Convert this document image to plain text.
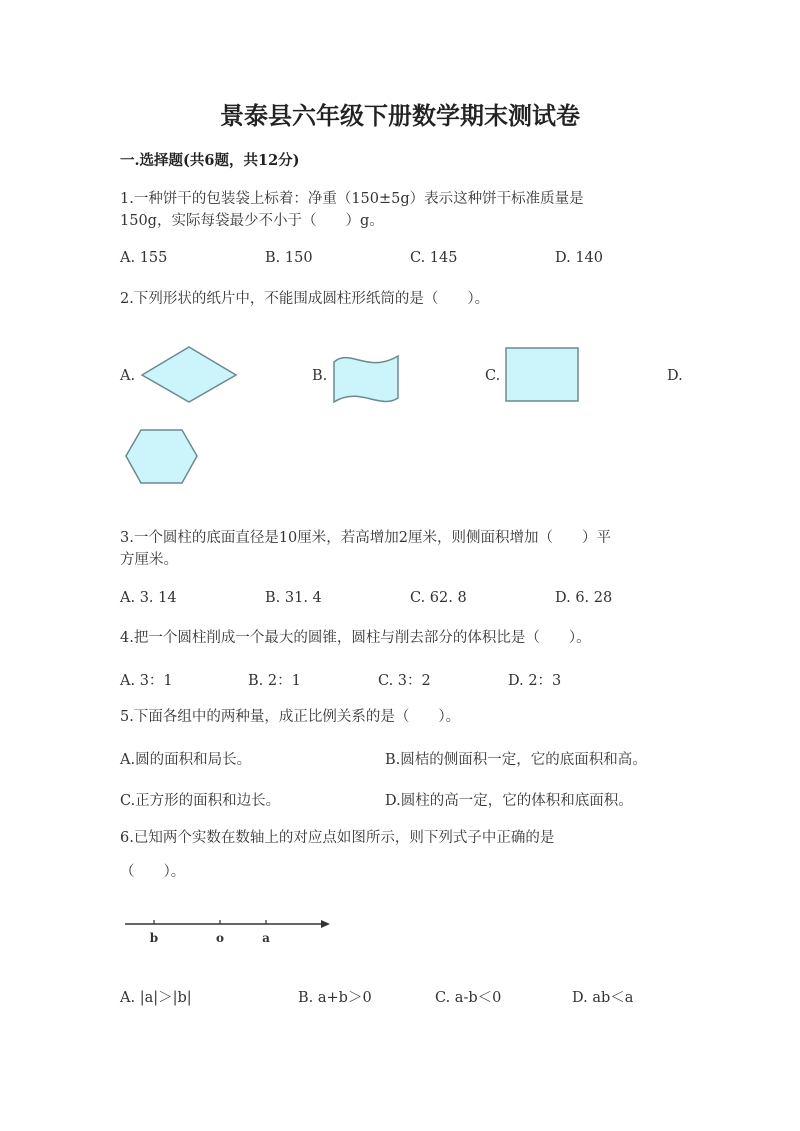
景泰县六年级下册数学期末测试卷
一.选择题(共6题，共12分)
1.一种饼干的包装袋上标着：净重（150±5g）表示这种饼干标准质量是
150g，实际每袋最少不小于（　　）g。
A. 155	B. 150	C. 145	D. 140
2.下列形状的纸片中，不能围成圆柱形纸筒的是（　　）。
A.	B.	C.	D.
3.一个圆柱的底面直径是10厘米，若高增加2厘米，则侧面积增加（　　）平
方厘米。
A. 3. 14	B. 31. 4	C. 62. 8	D. 6. 28
4.把一个圆柱削成一个最大的圆锥，圆柱与削去部分的体积比是（　　）。
A. 3：1	B. 2：1	C. 3：2	D. 2：3
5.下面各组中的两种量，成正比例关系的是（　　）。
A.圆的面积和局长。	B.圆桔的侧面积一定，它的底面积和高。
C.正方形的面积和边长。	D.圆柱的高一定，它的体积和底面积。
6.已知两个实数在数轴上的对应点如图所示，则下列式子中正确的是
（　　）。
b	o	a
A. |a|＞|b|	B. a+b＞0	C. a-b＜0	D. ab＜a
